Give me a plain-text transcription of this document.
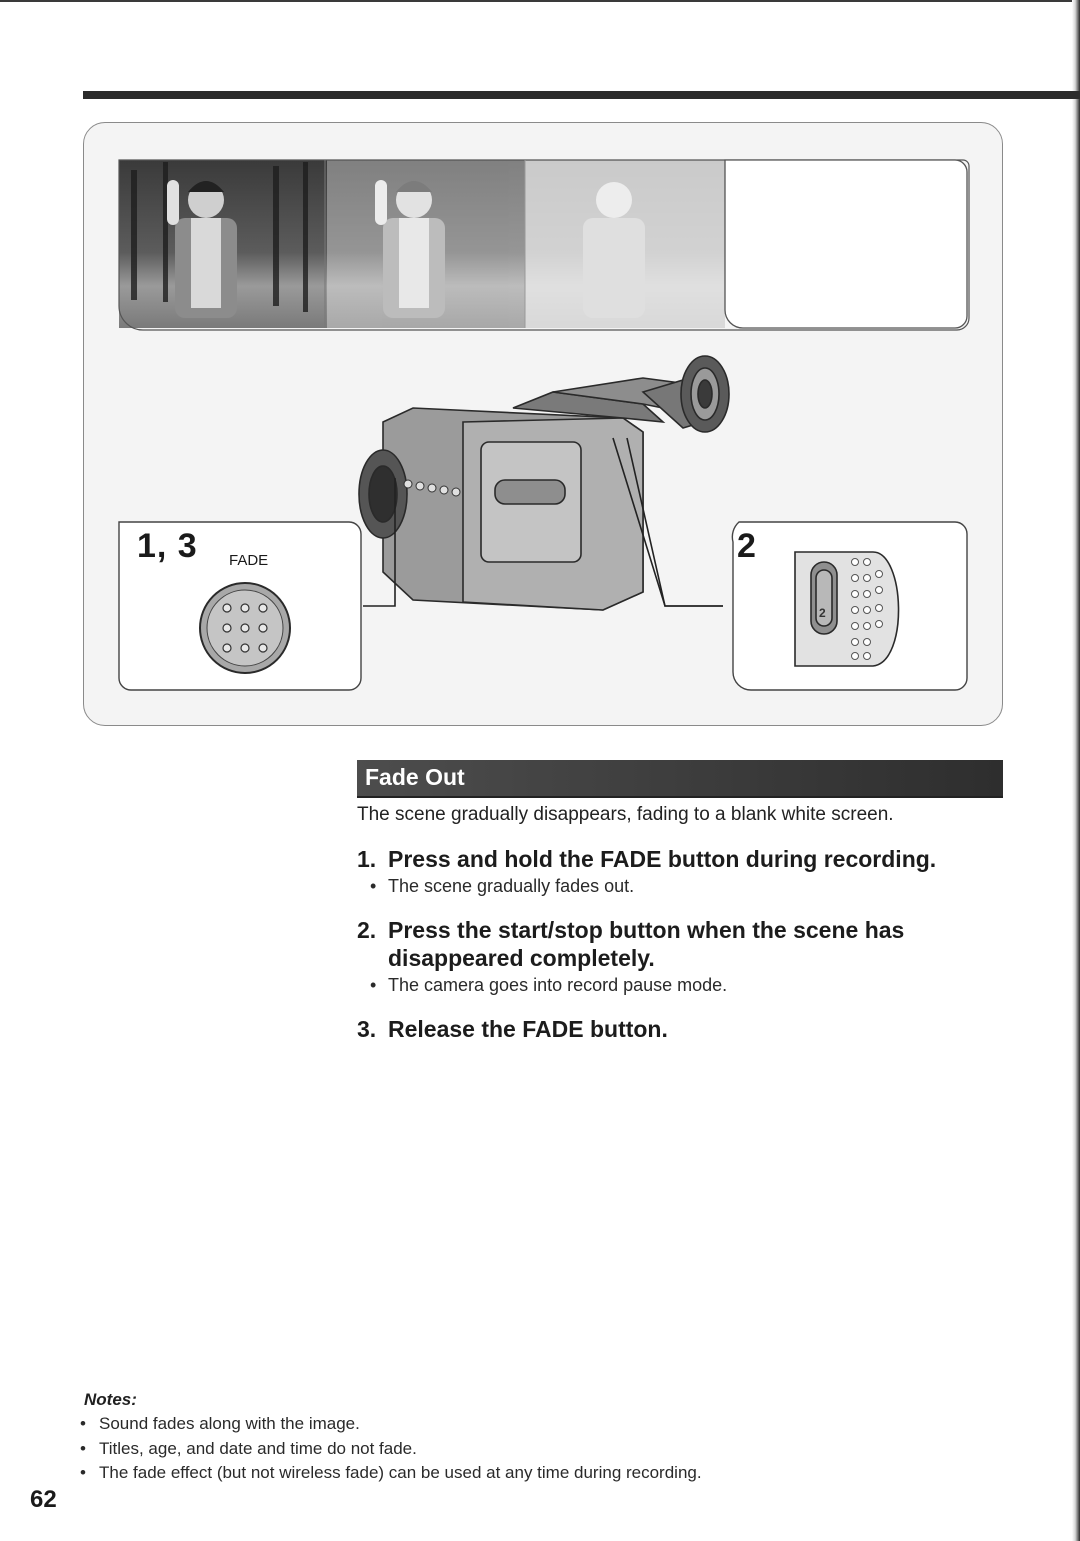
1, 3 FADE	2
2
Fade Out
The scene gradually disappears, fading to a blank white screen.
1. Press and hold the FADE button during recording.
• The scene gradually fades out.
2. Press the start/stop button when the scene has
disappeared completely.
• The camera goes into record pause mode.
3. Release the FADE button.
Notes:
• Sound fades along with the image.
• Titles, age, and date and time do not fade.
• The fade effect (but not wireless fade) can be used at any time during recording.
62
